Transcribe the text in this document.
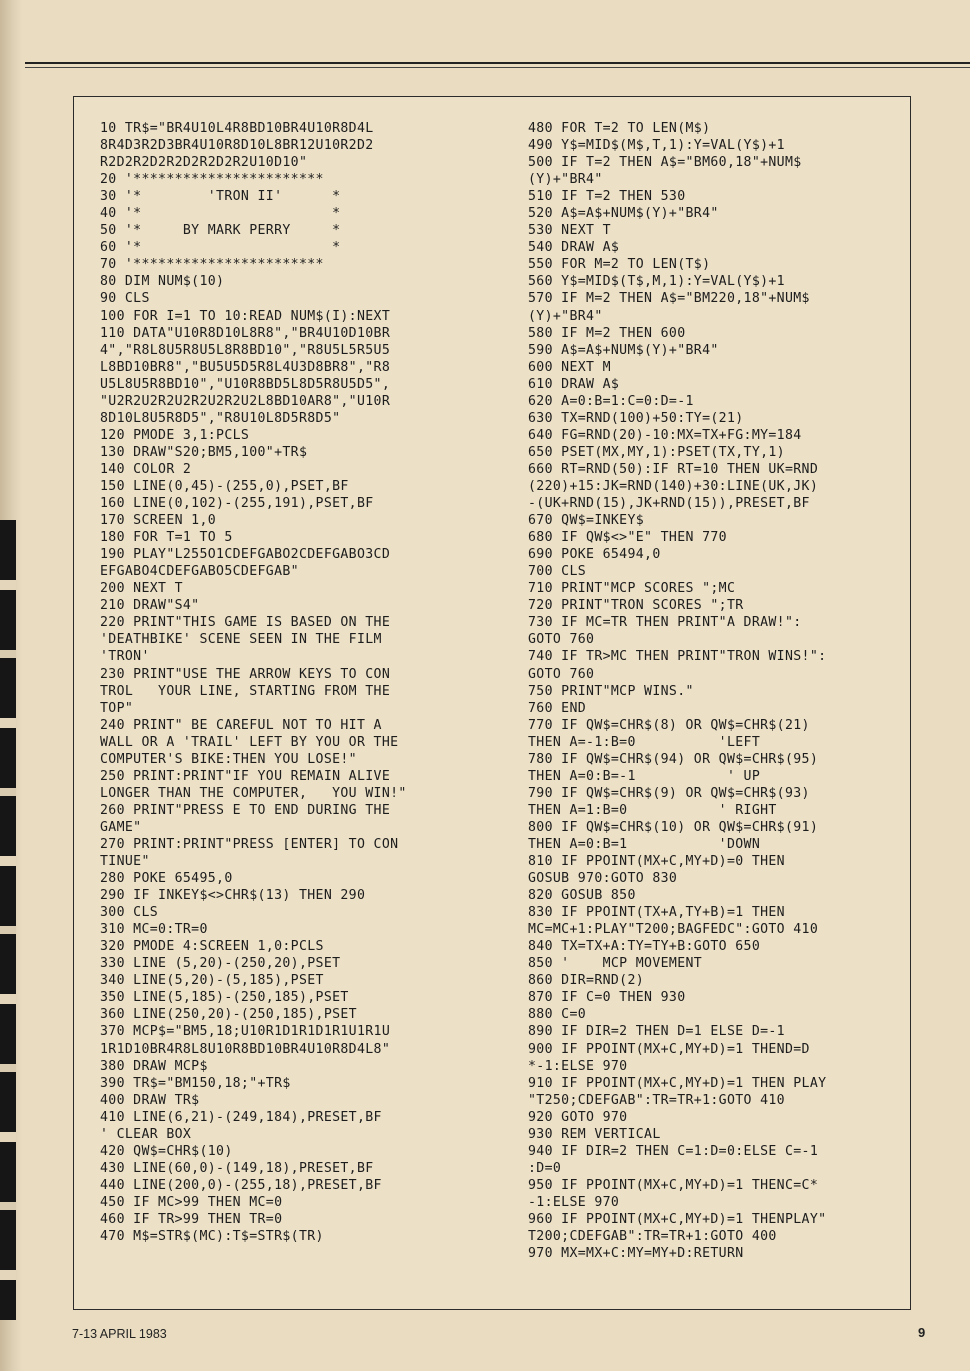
10 TR$="BR4U10L4R8BD10BR4U10R8D4L
8R4D3R2D3BR4U10R8D10L8BR12U10R2D2
R2D2R2D2R2D2R2D2R2U10D10"
20 '***********************
30 '*        'TRON II'      *
40 '*                       *
50 '*     BY MARK PERRY     *
60 '*                       *
70 '***********************
80 DIM NUM$(10)
90 CLS
100 FOR I=1 TO 10:READ NUM$(I):NEXT
110 DATA"U10R8D10L8R8","BR4U10D10BR
4","R8L8U5R8U5L8R8BD10","R8U5L5R5U5
L8BD10BR8","BU5U5D5R8L4U3D8BR8","R8
U5L8U5R8BD10","U10R8BD5L8D5R8U5D5",
"U2R2U2R2U2R2U2R2U2L8BD10AR8","U10R
8D10L8U5R8D5","R8U10L8D5R8D5"
120 PMODE 3,1:PCLS
130 DRAW"S20;BM5,100"+TR$
140 COLOR 2
150 LINE(0,45)-(255,0),PSET,BF
160 LINE(0,102)-(255,191),PSET,BF
170 SCREEN 1,0
180 FOR T=1 TO 5
190 PLAY"L255O1CDEFGABO2CDEFGABO3CD
EFGABO4CDEFGABO5CDEFGAB"
200 NEXT T
210 DRAW"S4"
220 PRINT"THIS GAME IS BASED ON THE
'DEATHBIKE' SCENE SEEN IN THE FILM
'TRON'
230 PRINT"USE THE ARROW KEYS TO CON
TROL   YOUR LINE, STARTING FROM THE
TOP"
240 PRINT" BE CAREFUL NOT TO HIT A
WALL OR A 'TRAIL' LEFT BY YOU OR THE
COMPUTER'S BIKE:THEN YOU LOSE!"
250 PRINT:PRINT"IF YOU REMAIN ALIVE
LONGER THAN THE COMPUTER,   YOU WIN!"
260 PRINT"PRESS E TO END DURING THE
GAME"
270 PRINT:PRINT"PRESS [ENTER] TO CON
TINUE"
280 POKE 65495,0
290 IF INKEY$<>CHR$(13) THEN 290
300 CLS
310 MC=0:TR=0
320 PMODE 4:SCREEN 1,0:PCLS
330 LINE (5,20)-(250,20),PSET
340 LINE(5,20)-(5,185),PSET
350 LINE(5,185)-(250,185),PSET
360 LINE(250,20)-(250,185),PSET
370 MCP$="BM5,18;U10R1D1R1D1R1U1R1U
1R1D10BR4R8L8U10R8BD10BR4U10R8D4L8"
380 DRAW MCP$
390 TR$="BM150,18;"+TR$
400 DRAW TR$
410 LINE(6,21)-(249,184),PRESET,BF
' CLEAR BOX
420 QW$=CHR$(10)
430 LINE(60,0)-(149,18),PRESET,BF
440 LINE(200,0)-(255,18),PRESET,BF
450 IF MC>99 THEN MC=0
460 IF TR>99 THEN TR=0
470 M$=STR$(MC):T$=STR$(TR)
480 FOR T=2 TO LEN(M$)
490 Y$=MID$(M$,T,1):Y=VAL(Y$)+1
500 IF T=2 THEN A$="BM60,18"+NUM$
(Y)+"BR4"
510 IF T=2 THEN 530
520 A$=A$+NUM$(Y)+"BR4"
530 NEXT T
540 DRAW A$
550 FOR M=2 TO LEN(T$)
560 Y$=MID$(T$,M,1):Y=VAL(Y$)+1
570 IF M=2 THEN A$="BM220,18"+NUM$
(Y)+"BR4"
580 IF M=2 THEN 600
590 A$=A$+NUM$(Y)+"BR4"
600 NEXT M
610 DRAW A$
620 A=0:B=1:C=0:D=-1
630 TX=RND(100)+50:TY=(21)
640 FG=RND(20)-10:MX=TX+FG:MY=184
650 PSET(MX,MY,1):PSET(TX,TY,1)
660 RT=RND(50):IF RT=10 THEN UK=RND
(220)+15:JK=RND(140)+30:LINE(UK,JK)
-(UK+RND(15),JK+RND(15)),PRESET,BF
670 QW$=INKEY$
680 IF QW$<>"E" THEN 770
690 POKE 65494,0
700 CLS
710 PRINT"MCP SCORES ";MC
720 PRINT"TRON SCORES ";TR
730 IF MC=TR THEN PRINT"A DRAW!":
GOTO 760
740 IF TR>MC THEN PRINT"TRON WINS!":
GOTO 760
750 PRINT"MCP WINS."
760 END
770 IF QW$=CHR$(8) OR QW$=CHR$(21)
THEN A=-1:B=0          'LEFT
780 IF QW$=CHR$(94) OR QW$=CHR$(95)
THEN A=0:B=-1           ' UP
790 IF QW$=CHR$(9) OR QW$=CHR$(93)
THEN A=1:B=0           ' RIGHT
800 IF QW$=CHR$(10) OR QW$=CHR$(91)
THEN A=0:B=1           'DOWN
810 IF PPOINT(MX+C,MY+D)=0 THEN
GOSUB 970:GOTO 830
820 GOSUB 850
830 IF PPOINT(TX+A,TY+B)=1 THEN
MC=MC+1:PLAY"T200;BAGFEDC":GOTO 410
840 TX=TX+A:TY=TY+B:GOTO 650
850 '    MCP MOVEMENT
860 DIR=RND(2)
870 IF C=0 THEN 930
880 C=0
890 IF DIR=2 THEN D=1 ELSE D=-1
900 IF PPOINT(MX+C,MY+D)=1 THEND=D
*-1:ELSE 970
910 IF PPOINT(MX+C,MY+D)=1 THEN PLAY
"T250;CDEFGAB":TR=TR+1:GOTO 410
920 GOTO 970
930 REM VERTICAL
940 IF DIR=2 THEN C=1:D=0:ELSE C=-1
:D=0
950 IF PPOINT(MX+C,MY+D)=1 THENC=C*
-1:ELSE 970
960 IF PPOINT(MX+C,MY+D)=1 THENPLAY"
T200;CDEFGAB":TR=TR+1:GOTO 400
970 MX=MX+C:MY=MY+D:RETURN
7-13 APRIL 1983	9
